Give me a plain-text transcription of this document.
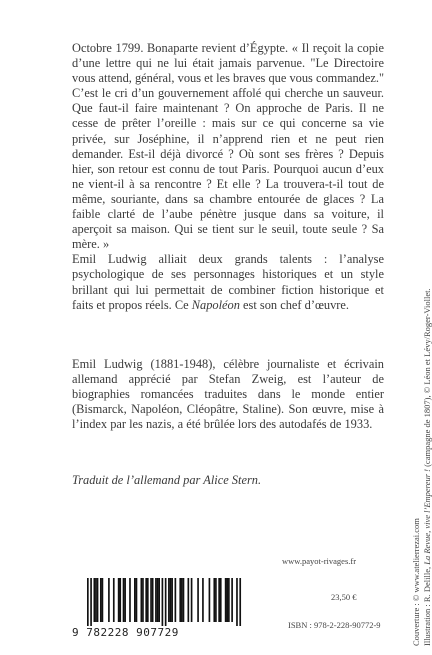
Octobre 1799. Bonaparte revient d’Égypte. « Il reçoit la copie d’une lettre qui ne lui était jamais parvenue. "Le Directoire vous attend, général, vous et les braves que vous commandez." C’est le cri d’un gouvernement affolé qui cherche un sauveur. Que faut-il faire maintenant ? On approche de Paris. Il ne cesse de prêter l’oreille : mais sur ce qui concerne sa vie privée, sur Joséphine, il n’apprend rien et ne peut rien demander. Est-il déjà divorcé ? Où sont ses frères ? Depuis hier, son retour est connu de tout Paris. Pourquoi aucun d’eux ne vient-il à sa rencontre ? Et elle ? La trouvera-t-il tout de même, souriante, dans sa chambre entourée de glaces ? La faible clarté de l’aube pénètre jusque dans sa voiture, il aperçoit sa maison. Qui se tient sur le seuil, toute seule ? Sa mère. »

Emil Ludwig alliait deux grands talents : l’analyse psychologique de ses personnages historiques et un style brillant qui lui permettait de combiner fiction historique et faits et propos réels. Ce Napoléon est son chef d’œuvre.

Emil Ludwig (1881-1948), célèbre journaliste et écrivain allemand apprécié par Stefan Zweig, est l’auteur de biographies romancées traduites dans le monde entier (Bismarck, Napoléon, Cléopâtre, Staline). Son œuvre, mise à l’index par les nazis, a été brûlée lors des autodafés de 1933.
Traduit de l’allemand par Alice Stern.
www.payot-rivages.fr
9 782228 907729
23,50 €
ISBN : 978-2-228-90772-9	Couverture : © www.atelierrezai.com Illustration : R. Delille, La Revue, vive l’Empereur ! (campagne de 1807), © Léon et Lévy/Roger-Viollet.
